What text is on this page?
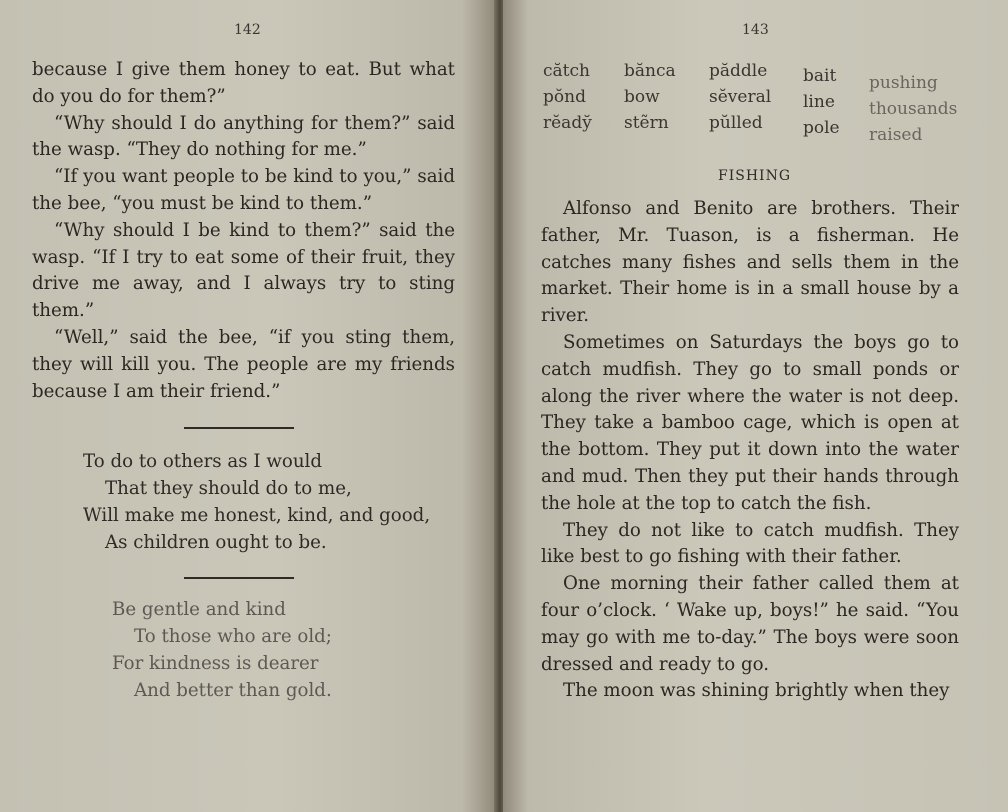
142

because I give them honey to eat. But what do you do for them?”

“Why should I do anything for them?” said the wasp. “They do nothing for me.”

“If you want people to be kind to you,” said the bee, “you must be kind to them.”

“Why should I be kind to them?” said the wasp. “If I try to eat some of their fruit, they drive me away, and I always try to sting them.”

“Well,” said the bee, “if you sting them, they will kill you. The people are my friends because I am their friend.”

To do to others as I would
That they should do to me,
Will make me honest, kind, and good,
As children ought to be.
Be gentle and kind
To those who are old;
For kindness is dearer
And better than gold.
143
cătch
pŏnd
rĕady̆
bănca
bow
stẽrn
păddle
sĕveral
pŭlled
bait
line
pole
pushing
thousands
raised
FISHING

Alfonso and Benito are brothers. Their father, Mr. Tuason, is a fisherman. He catches many fishes and sells them in the market. Their home is in a small house by a river.

Sometimes on Saturdays the boys go to catch mudfish. They go to small ponds or along the river where the water is not deep. They take a bamboo cage, which is open at the bottom. They put it down into the water and mud. Then they put their hands through the hole at the top to catch the fish.

They do not like to catch mudfish. They like best to go fishing with their father.

One morning their father called them at four o’clock. ‘ Wake up, boys!” he said. “You may go with me to-day.” The boys were soon dressed and ready to go.

The moon was shining brightly when they
